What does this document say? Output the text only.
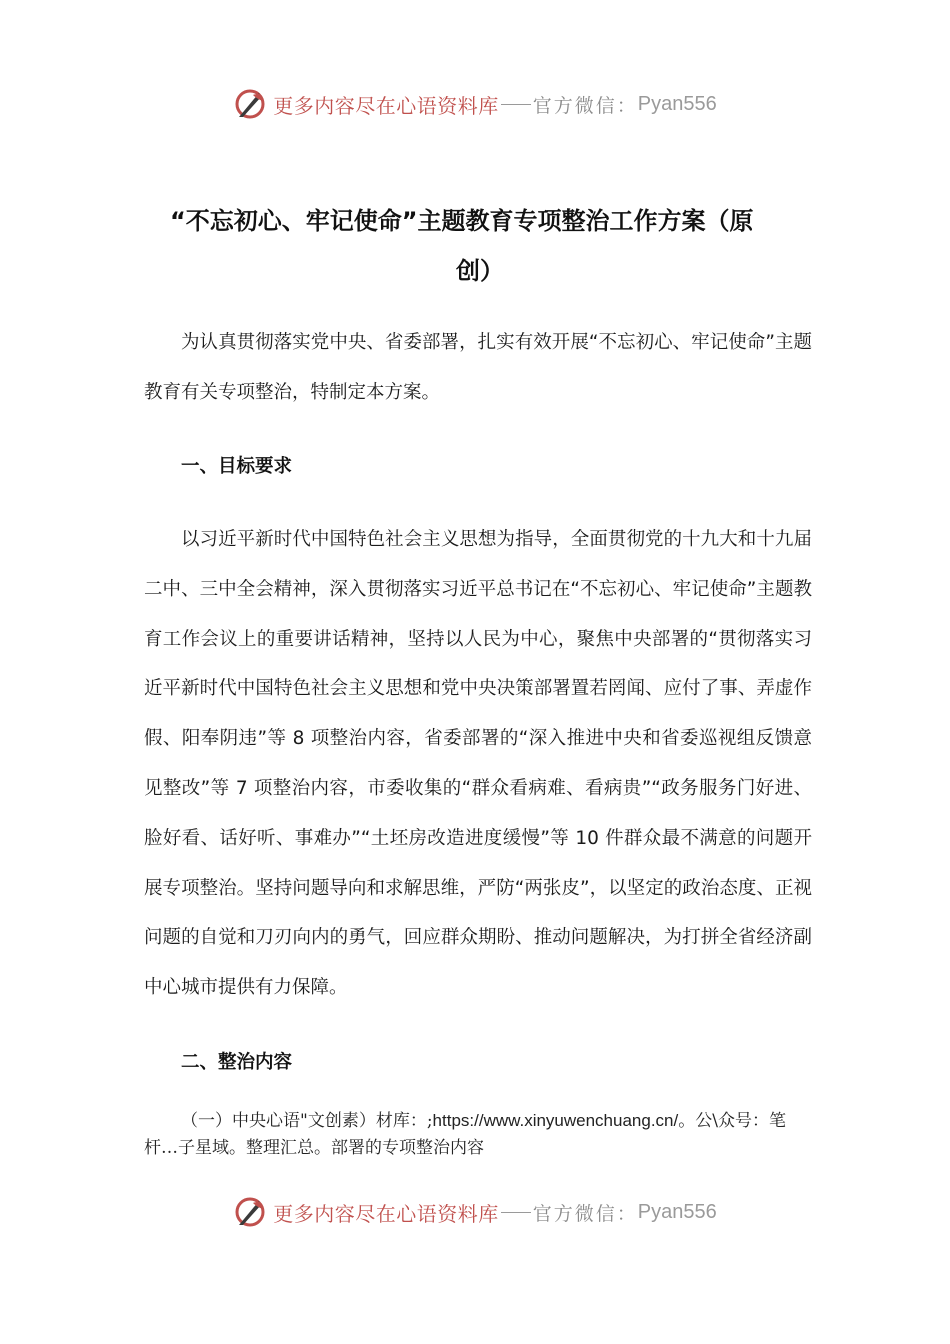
更多内容尽在心语资料库 官方微信： Pyan556
“不忘初心、牢记使命”主题教育专项整治工作方案（原
创）

为认真贯彻落实党中央、省委部署，扎实有效开展“不忘初心、牢记使命”主题教育有关专项整治，特制定本方案。

一、目标要求

以习近平新时代中国特色社会主义思想为指导，全面贯彻党的十九大和十九届二中、三中全会精神，深入贯彻落实习近平总书记在“不忘初心、牢记使命”主题教育工作会议上的重要讲话精神，坚持以人民为中心，聚焦中央部署的“贯彻落实习近平新时代中国特色社会主义思想和党中央决策部署置若罔闻、应付了事、弄虚作假、阳奉阴违”等 8 项整治内容，省委部署的“深入推进中央和省委巡视组反馈意见整改”等 7 项整治内容，市委收集的“群众看病难、看病贵”“政务服务门好进、脸好看、话好听、事难办”“土坯房改造进度缓慢”等 10 件群众最不满意的问题开展专项整治。坚持问题导向和求解思维，严防“两张皮”，以坚定的政治态度、正视问题的自觉和刀刃向内的勇气，回应群众期盼、推动问题解决，为打拼全省经济副中心城市提供有力保障。

二、整治内容

（一）中央心语"文创素）材库：;https://www.xinyuwenchuang.cn/。公\众号：笔杆…子星域。整理汇总。部署的专项整治内容

更多内容尽在心语资料库 官方微信： Pyan556
